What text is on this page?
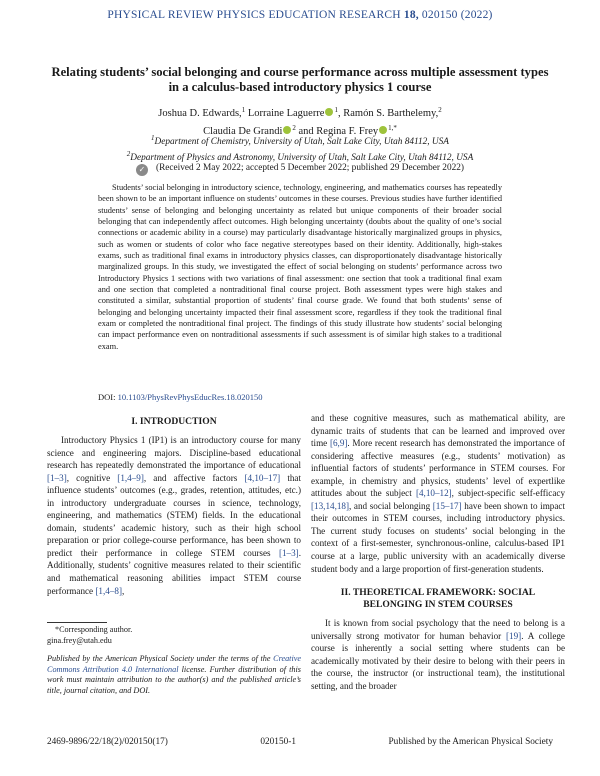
PHYSICAL REVIEW PHYSICS EDUCATION RESEARCH 18, 020150 (2022)
Relating students’ social belonging and course performance across multiple assessment types
in a calculus-based introductory physics 1 course
Joshua D. Edwards,$^1$ Lorraine Laguerre $^1$, Ramón S. Barthelemy,$^2$
Claudia De Grandi $^2$ and Regina F. Frey $^{1,*}$
$^1$Department of Chemistry, University of Utah, Salt Lake City, Utah 84112, USA
$^2$Department of Physics and Astronomy, University of Utah, Salt Lake City, Utah 84112, USA
✓ (Received 2 May 2022; accepted 5 December 2022; published 29 December 2022)

Students’ social belonging in introductory science, technology, engineering, and mathematics courses has repeatedly been shown to be an important influence on students’ outcomes in these courses. Previous studies have further identified students’ sense of belonging and belonging uncertainty as related but unique components of their broader social belonging that can independently affect outcomes. High belonging uncertainty (doubts about the quality of one’s social connections or academic ability in a course) may particularly disadvantage historically marginalized groups in physics, such as women or students of color who face negative stereotypes based on their identity. Additionally, high-stakes exams, such as traditional final exams in introductory physics classes, can disproportionately disadvantage historically marginalized groups. In this study, we investigated the effect of social belonging on students’ performance across two Introductory Physics 1 sections with two variations of final assessment: one section that took a traditional final exam and one section that completed a nontraditional final course project. Both assessment types were high stakes and constituted a similar, substantial proportion of students’ final course grade. We found that both students’ sense of belonging and belonging uncertainty impacted their final assessment score, regardless if they took the traditional final exam or completed the nontraditional final project. The findings of this study illustrate how students’ social belonging can impact performance even on nontraditional assessments if such assessment is of similar high stakes to a traditional exam.

DOI: 10.1103/PhysRevPhysEducRes.18.020150
I. INTRODUCTION

Introductory Physics 1 (IP1) is an introductory course for many science and engineering majors. Discipline-based educational research has repeatedly demonstrated the importance of educational [1–3], cognitive [1,4–9], and affective factors [4,10–17] that influence students’ outcomes (e.g., grades, retention, attitudes, etc.) in introductory undergraduate courses in science, technology, engineering, and mathematics (STEM) fields. In the educational domain, students’ academic history, such as their high school preparation or prior college-course performance, has been shown to predict their performance in college STEM courses [1–3]. Additionally, students’ cognitive measures related to their scientific and mathematical reasoning abilities impact STEM course performance [1,4–8],

*Corresponding author.
gina.frey@utah.edu
Published by the American Physical Society under the terms of the Creative Commons Attribution 4.0 International license. Further distribution of this work must maintain attribution to the author(s) and the published article’s title, journal citation, and DOI.

and these cognitive measures, such as mathematical ability, are dynamic traits of students that can be learned and improved over time [6,9]. More recent research has demonstrated the importance of considering affective measures (e.g., students’ motivation) as influential factors of students’ performance in STEM courses. For example, in chemistry and physics, students’ level of expertlike attitudes about the subject [4,10–12], subject-specific self-efficacy [13,14,18], and social belonging [15–17] have been shown to impact their outcomes in STEM courses, including introductory physics. The current study focuses on students’ social belonging in the context of a first-semester, synchronous-online, calculus-based IP1 course at a large, public university with an academically diverse student body and a large proportion of first-generation students.

II. THEORETICAL FRAMEWORK: SOCIAL
BELONGING IN STEM COURSES

It is known from social psychology that the need to belong is a universally strong motivator for human behavior [19]. A college course is inherently a social setting where students can be academically motivated by their desire to belong with their peers in the course, the instructor (or instructional team), the institutional setting, and the broader

2469-9896/22/18(2)/020150(17)	020150-1	Published by the American Physical Society
